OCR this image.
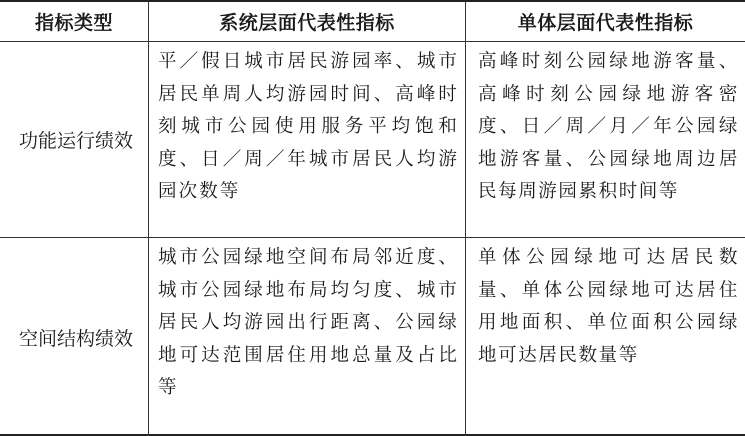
指标类型	系统层面代表性指标	单体层面代表性指标
功能运行绩效
平／假日城市居民游园率、城市居民单周人均游园时间、高峰时刻城市公园使用服务平均饱和度、日／周／年城市居民人均游园次数等
高峰时刻公园绿地游客量、高峰时刻公园绿地游客密度、日／周／月／年公园绿地游客量、公园绿地周边居民每周游园累积时间等
空间结构绩效
城市公园绿地空间布局邻近度、城市公园绿地布局均匀度、城市居民人均游园出行距离、公园绿地可达范围居住用地总量及占比等
单体公园绿地可达居民数量、单体公园绿地可达居住用地面积、单位面积公园绿地可达居民数量等
